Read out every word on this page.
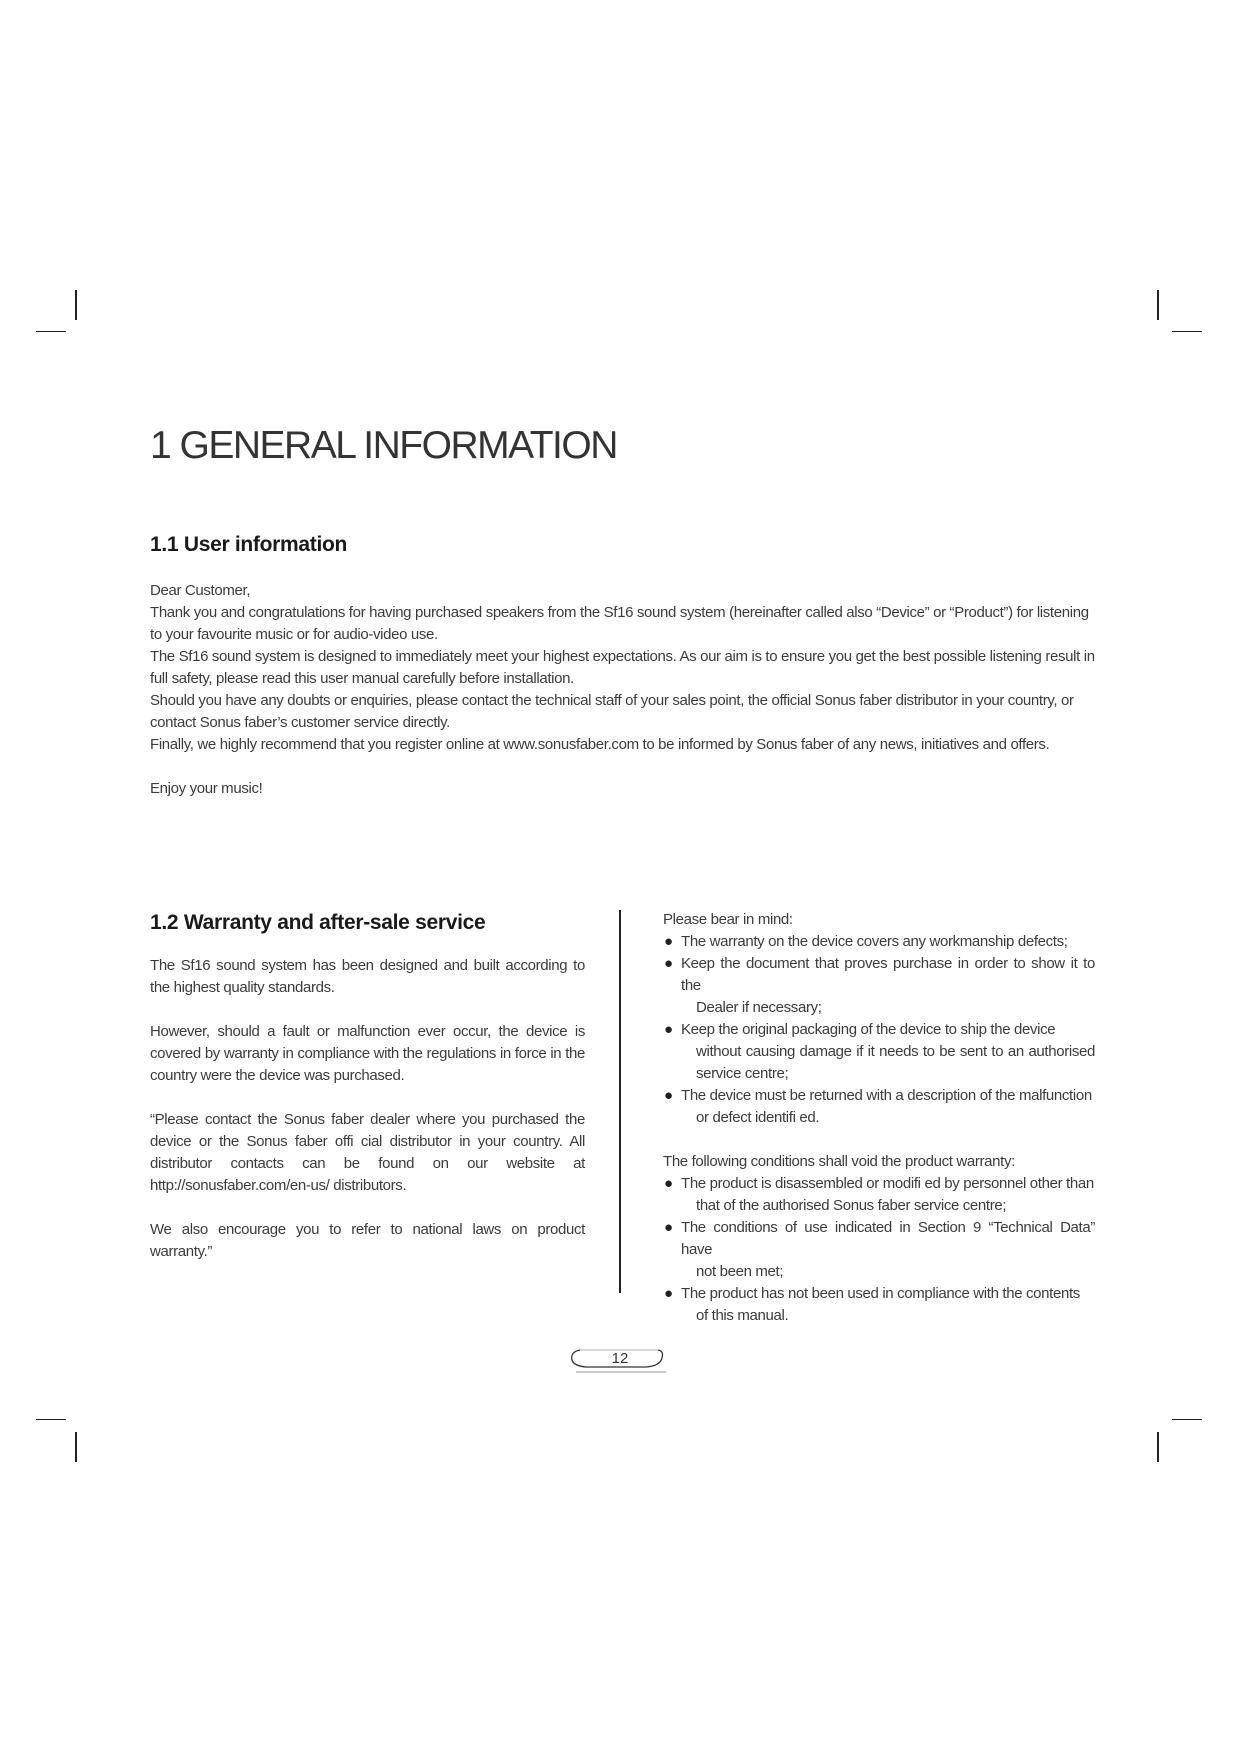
1 GENERAL INFORMATION
1.1 User information

Dear Customer,

Thank you and congratulations for having purchased speakers from the Sf16 sound system (hereinafter called also “Device” or “Product”) for listening to your favourite music or for audio-video use.

The Sf16 sound system is designed to immediately meet your highest expectations. As our aim is to ensure you get the best possible listening result in full safety, please read this user manual carefully before installation.

Should you have any doubts or enquiries, please contact the technical staff of your sales point, the official Sonus faber distributor in your country, or contact Sonus faber’s customer service directly.

Finally, we highly recommend that you register online at www.sonusfaber.com to be informed by Sonus faber of any news, initiatives and offers.

Enjoy your music!

1.2 Warranty and after-sale service

The Sf16 sound system has been designed and built according to the highest quality standards.

However, should a fault or malfunction ever occur, the device is covered by warranty in compliance with the regulations in force in the country were the device was purchased.

“Please contact the Sonus faber dealer where you purchased the device or the Sonus faber offi cial distributor in your country. All distributor contacts can be found on our website at http://sonusfaber.com/en-us/ distributors.

We also encourage you to refer to national laws on product warranty.”

Please bear in mind:

● The warranty on the device covers any workmanship defects;
● Keep the document that proves purchase in order to show it to the
Dealer if necessary;
● Keep the original packaging of the device to ship the device
without causing damage if it needs to be sent to an authorised service centre;
● The device must be returned with a description of the malfunction
or defect identifi ed.

The following conditions shall void the product warranty:

● The product is disassembled or modifi ed by personnel other than
that of the authorised Sonus faber service centre;
● The conditions of use indicated in Section 9 “Technical Data” have
not been met;
● The product has not been used in compliance with the contents
of this manual.
12
